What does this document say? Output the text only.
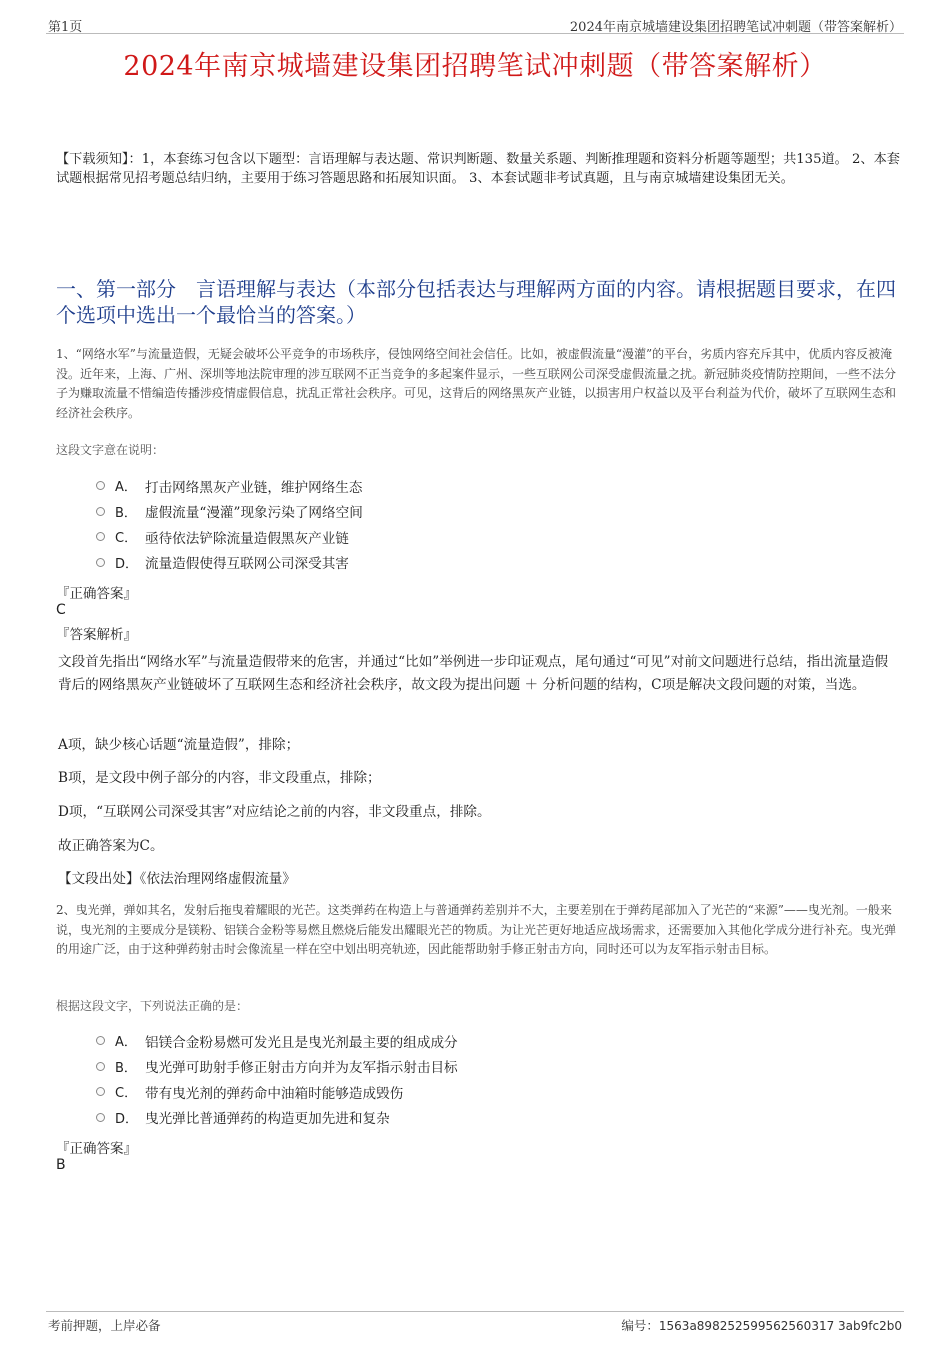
第1页	2024年南京城墙建设集团招聘笔试冲刺题（带答案解析）
2024年南京城墙建设集团招聘笔试冲刺题（带答案解析）
【下载须知】：1，本套练习包含以下题型：言语理解与表达题、常识判断题、数量关系题、判断推理题和资料分析题等题型；共135道。 2、本套试题根据常见招考题总结归纳，主要用于练习答题思路和拓展知识面。 3、本套试题非考试真题，且与南京城墙建设集团无关。
一、第一部分　言语理解与表达（本部分包括表达与理解两方面的内容。请根据题目要求，在四个选项中选出一个最恰当的答案。）
1、“网络水军”与流量造假，无疑会破坏公平竞争的市场秩序，侵蚀网络空间社会信任。比如，被虚假流量“漫灌”的平台，劣质内容充斥其中，优质内容反被淹没。近年来，上海、广州、深圳等地法院审理的涉互联网不正当竞争的多起案件显示，一些互联网公司深受虚假流量之扰。新冠肺炎疫情防控期间，一些不法分子为赚取流量不惜编造传播涉疫情虚假信息，扰乱正常社会秩序。可见，这背后的网络黑灰产业链，以损害用户权益以及平台利益为代价，破坏了互联网生态和经济社会秩序。
这段文字意在说明：
A． 打击网络黑灰产业链，维护网络生态
B． 虚假流量“漫灌”现象污染了网络空间
C． 亟待依法铲除流量造假黑灰产业链
D． 流量造假使得互联网公司深受其害
『正确答案』
C
『答案解析』
文段首先指出“网络水军”与流量造假带来的危害，并通过“比如”举例进一步印证观点，尾句通过“可见”对前文问题进行总结，指出流量造假背后的网络黑灰产业链破坏了互联网生态和经济社会秩序，故文段为提出问题 ＋ 分析问题的结构，C项是解决文段问题的对策，当选。
A项，缺少核心话题“流量造假”，排除；
B项，是文段中例子部分的内容，非文段重点，排除；
D项，“互联网公司深受其害”对应结论之前的内容，非文段重点，排除。
故正确答案为C。
【文段出处】《依法治理网络虚假流量》
2、曳光弹，弹如其名，发射后拖曳着耀眼的光芒。这类弹药在构造上与普通弹药差别并不大，主要差别在于弹药尾部加入了光芒的“来源”——曳光剂。一般来说，曳光剂的主要成分是镁粉、铝镁合金粉等易燃且燃烧后能发出耀眼光芒的物质。为让光芒更好地适应战场需求，还需要加入其他化学成分进行补充。曳光弹的用途广泛，由于这种弹药射击时会像流星一样在空中划出明亮轨迹，因此能帮助射手修正射击方向，同时还可以为友军指示射击目标。
根据这段文字，下列说法正确的是：
A． 铝镁合金粉易燃可发光且是曳光剂最主要的组成成分
B． 曳光弹可助射手修正射击方向并为友军指示射击目标
C． 带有曳光剂的弹药命中油箱时能够造成毁伤
D． 曳光弹比普通弹药的构造更加先进和复杂
『正确答案』
B
考前押题，上岸必备	编号：1563a898252599562560317 3ab9fc2b0
